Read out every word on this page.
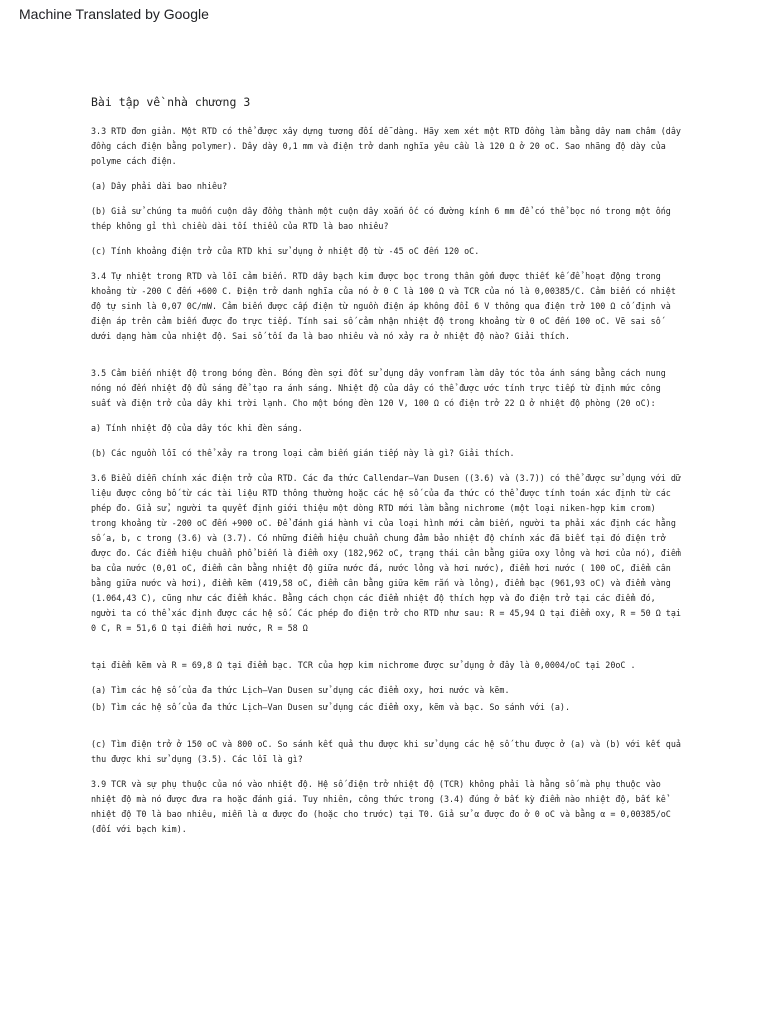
Machine Translated by Google
Bài tập về nhà chương 3

3.3 RTD đơn giản. Một RTD có thể được xây dựng tương đối dễ dàng. Hãy xem xét một RTD đồng làm bằng dây nam châm (dây đồng cách điện bằng polymer). Dây dày 0,1 mm và điện trở danh nghĩa yêu cầu là 120 Ω ở 20 oC. Sao nhãng độ dày của polyme cách điện.

(a) Dây phải dài bao nhiêu?

(b) Giả sử chúng ta muốn cuộn dây đồng thành một cuộn dây xoắn ốc có đường kính 6 mm để có thể bọc nó trong một ống thép không gỉ thì chiều dài tối thiểu của RTD là bao nhiêu?

(c) Tính khoảng điện trở của RTD khi sử dụng ở nhiệt độ từ -45 oC đến 120 oC.

3.4 Tự nhiệt trong RTD và lỗi cảm biến. RTD dây bạch kim được bọc trong thân gốm được thiết kế để hoạt động trong khoảng từ -200 C đến +600 C. Điện trở danh nghĩa của nó ở 0 C là 100 Ω và TCR của nó là 0,00385/C. Cảm biến có nhiệt độ tự sinh là 0,07 0C/mW. Cảm biến được cấp điện từ nguồn điện áp không đổi 6 V thông qua điện trở 100 Ω cố định và điện áp trên cảm biến được đo trực tiếp. Tính sai số cảm nhận nhiệt độ trong khoảng từ 0 oC đến 100 oC. Vẽ sai số dưới dạng hàm của nhiệt độ. Sai số tối đa là bao nhiêu và nó xảy ra ở nhiệt độ nào? Giải thích.

3.5 Cảm biến nhiệt độ trong bóng đèn. Bóng đèn sợi đốt sử dụng dây vonfram làm dây tóc tỏa ánh sáng bằng cách nung nóng nó đến nhiệt độ đủ sáng để tạo ra ánh sáng. Nhiệt độ của dây có thể được ước tính trực tiếp từ định mức công suất và điện trở của dây khi trời lạnh. Cho một bóng đèn 120 V, 100 Ω có điện trở 22 Ω ở nhiệt độ phòng (20 oC):

a) Tính nhiệt độ của dây tóc khi đèn sáng.

(b) Các nguồn lỗi có thể xảy ra trong loại cảm biến gián tiếp này là gì? Giải thích.

3.6 Biểu diễn chính xác điện trở của RTD. Các đa thức Callendar–Van Dusen ((3.6) và (3.7)) có thể được sử dụng với dữ liệu được công bố từ các tài liệu RTD thông thường hoặc các hệ số của đa thức có thể được tính toán xác định từ các phép đo. Giả sử, người ta quyết định giới thiệu một dòng RTD mới làm bằng nichrome (một loại niken-hợp kim crom) trong khoảng từ -200 oC đến +900 oC. Để đánh giá hành vi của loại hình mới cảm biến, người ta phải xác định các hằng số a, b, c trong (3.6) và (3.7). Có những điểm hiệu chuẩn chung đảm bảo nhiệt độ chính xác đã biết tại đó điện trở được đo. Các điểm hiệu chuẩn phổ biến là điểm oxy (182,962 oC, trạng thái cân bằng giữa oxy lỏng và hơi của nó), điểm ba của nước (0,01 oC, điểm cân bằng nhiệt độ giữa nước đá, nước lỏng và hơi nước), điểm hơi nước ( 100 oC, điểm cân bằng giữa nước và hơi), điểm kẽm (419,58 oC, điểm cân bằng giữa kẽm rắn và lỏng), điểm bạc (961,93 oC) và điểm vàng (1.064,43 C), cũng như các điểm khác. Bằng cách chọn các điểm nhiệt độ thích hợp và đo điện trở tại các điểm đó, người ta có thể xác định được các hệ số. Các phép đo điện trở cho RTD như sau: R = 45,94 Ω tại điểm oxy, R = 50 Ω tại 0 C, R = 51,6 Ω tại điểm hơi nước, R = 58 Ω

tại điểm kẽm và R = 69,8 Ω tại điểm bạc. TCR của hợp kim nichrome được sử dụng ở đây là 0,0004/oC tại 20oC .

(a) Tìm các hệ số của đa thức Lịch–Van Dusen sử dụng các điểm oxy, hơi nước và kẽm.

(b) Tìm các hệ số của đa thức Lịch–Van Dusen sử dụng các điểm oxy, kẽm và bạc. So sánh với (a).

(c) Tìm điện trở ở 150 oC và 800 oC. So sánh kết quả thu được khi sử dụng các hệ số thu được ở (a) và (b) với kết quả thu được khi sử dụng (3.5). Các lỗi là gì?

3.9 TCR và sự phụ thuộc của nó vào nhiệt độ. Hệ số điện trở nhiệt độ (TCR) không phải là hằng số mà phụ thuộc vào nhiệt độ mà nó được đưa ra hoặc đánh giá. Tuy nhiên, công thức trong (3.4) đúng ở bất kỳ điểm nào nhiệt độ, bất kể nhiệt độ T0 là bao nhiêu, miễn là α được đo (hoặc cho trước) tại T0. Giả sử α được đo ở 0 oC và bằng α = 0,00385/oC (đối với bạch kim).
